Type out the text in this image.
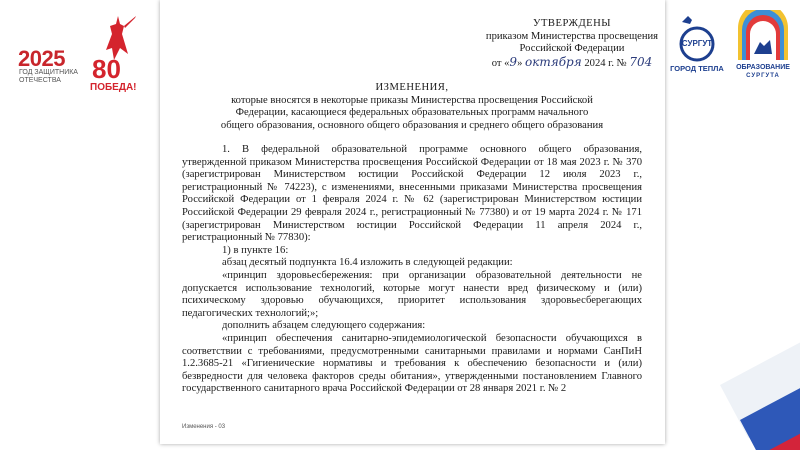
2025
ГОД ЗАЩИТНИКА ОТЕЧЕСТВА	80
ПОБЕДА!
УТВЕРЖДЕНЫ
приказом Министерства просвещения
Российской Федерации
от «9» октября 2024 г. № 704
ИЗМЕНЕНИЯ,
которые вносятся в некоторые приказы Министерства просвещения Российской
Федерации, касающиеся федеральных образовательных программ начального
общего образования, основного общего образования и среднего общего образования

1. В федеральной образовательной программе основного общего образования, утвержденной приказом Министерства просвещения Российской Федерации от 18 мая 2023 г. № 370 (зарегистрирован Министерством юстиции Российской Федерации 12 июля 2023 г., регистрационный № 74223), с изменениями, внесенными приказами Министерства просвещения Российской Федерации от 1 февраля 2024 г. № 62 (зарегистрирован Министерством юстиции Российской Федерации 29 февраля 2024 г., регистрационный № 77380) и от 19 марта 2024 г. № 171 (зарегистрирован Министерством юстиции Российской Федерации 11 апреля 2024 г., регистрационный № 77830):

1) в пункте 16:

абзац десятый подпункта 16.4 изложить в следующей редакции:

«принцип здоровьесбережения: при организации образовательной деятельности не допускается использование технологий, которые могут нанести вред физическому и (или) психическому здоровью обучающихся, приоритет использования здоровьесберегающих педагогических технологий;»;

дополнить абзацем следующего содержания:

«принцип обеспечения санитарно-эпидемиологической безопасности обучающихся в соответствии с требованиями, предусмотренными санитарными правилами и нормами СанПиН 1.2.3685-21 «Гигиенические нормативы и требования к обеспечению безопасности и (или) безвредности для человека факторов среды обитания», утвержденными постановлением Главного государственного санитарного врача Российской Федерации от 28 января 2021 г. № 2

Изменения - 03
СУРГУТ
ГОРОД ТЕПЛА	ОБРАЗОВАНИЕ
СУРГУТА
